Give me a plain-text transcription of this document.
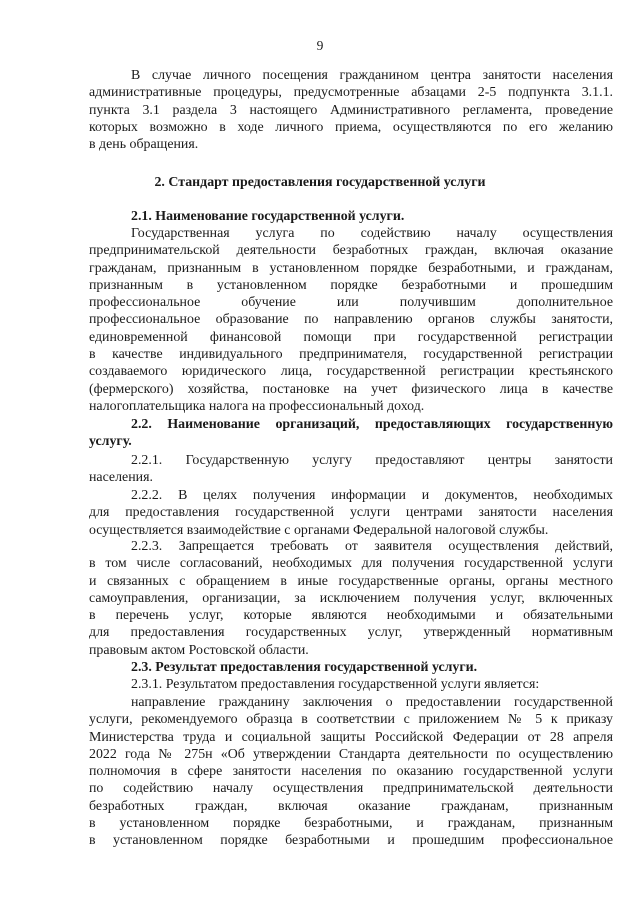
9
В случае личного посещения гражданином центра занятости населения
административные процедуры, предусмотренные абзацами 2-5 подпункта 3.1.1.
пункта 3.1 раздела 3 настоящего Административного регламента, проведение
которых возможно в ходе личного приема, осуществляются по его желанию
в день обращения.
2. Стандарт предоставления государственной услуги
2.1. Наименование государственной услуги.
Государственная услуга по содействию началу осуществления
предпринимательской деятельности безработных граждан, включая оказание
гражданам, признанным в установленном порядке безработными, и гражданам,
признанным в установленном порядке безработными и прошедшим
профессиональное обучение или получившим дополнительное
профессиональное образование по направлению органов службы занятости,
единовременной финансовой помощи при государственной регистрации
в качестве индивидуального предпринимателя, государственной регистрации
создаваемого юридического лица, государственной регистрации крестьянского
(фермерского) хозяйства, постановке на учет физического лица в качестве
налогоплательщика налога на профессиональный доход.
2.2. Наименование организаций, предоставляющих государственную
услугу.
2.2.1. Государственную услугу предоставляют центры занятости
населения.
2.2.2. В целях получения информации и документов, необходимых
для предоставления государственной услуги центрами занятости населения
осуществляется взаимодействие с органами Федеральной налоговой службы.
2.2.3. Запрещается требовать от заявителя осуществления действий,
в том числе согласований, необходимых для получения государственной услуги
и связанных с обращением в иные государственные органы, органы местного
самоуправления, организации, за исключением получения услуг, включенных
в перечень услуг, которые являются необходимыми и обязательными
для предоставления государственных услуг, утвержденный нормативным
правовым актом Ростовской области.
2.3. Результат предоставления государственной услуги.
2.3.1. Результатом предоставления государственной услуги является:
направление гражданину заключения о предоставлении государственной
услуги, рекомендуемого образца в соответствии с приложением № 5 к приказу
Министерства труда и социальной защиты Российской Федерации от 28 апреля
2022 года № 275н «Об утверждении Стандарта деятельности по осуществлению
полномочия в сфере занятости населения по оказанию государственной услуги
по содействию началу осуществления предпринимательской деятельности
безработных граждан, включая оказание гражданам, признанным
в установленном порядке безработными, и гражданам, признанным
в установленном порядке безработными и прошедшим профессиональное
